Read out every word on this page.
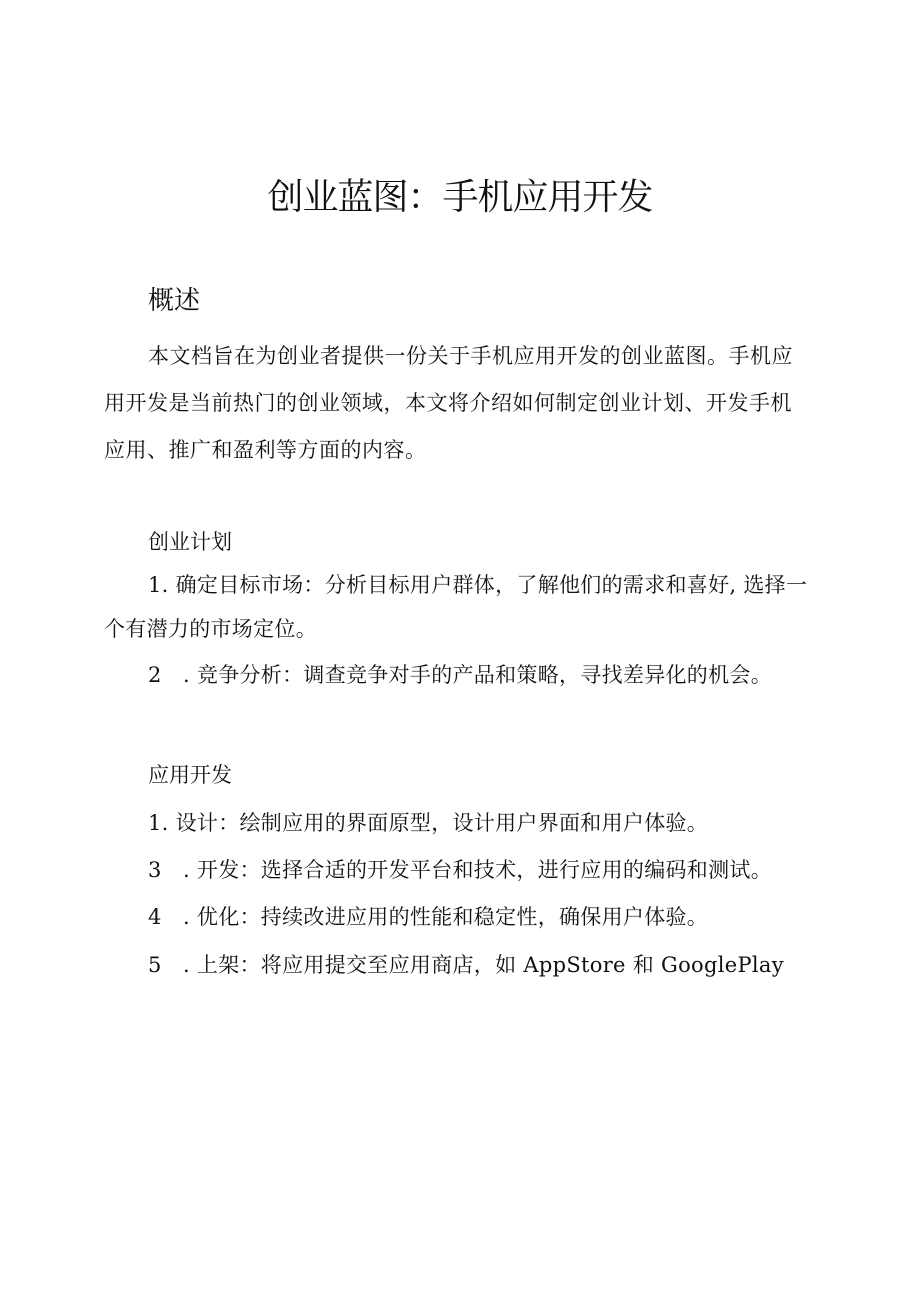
创业蓝图：手机应用开发
概述
本文档旨在为创业者提供一份关于手机应用开发的创业蓝图。手机应用开发是当前热门的创业领域，本文将介绍如何制定创业计划、开发手机应用、推广和盈利等方面的内容。
创业计划
1. 确定目标市场：分析目标用户群体，了解他们的需求和喜好, 选择一个有潜力的市场定位。
2　. 竞争分析：调查竞争对手的产品和策略，寻找差异化的机会。
应用开发
1. 设计：绘制应用的界面原型，设计用户界面和用户体验。
3　. 开发：选择合适的开发平台和技术，进行应用的编码和测试。
4　. 优化：持续改进应用的性能和稳定性，确保用户体验。
5　. 上架：将应用提交至应用商店，如 AppStore 和 GooglePlay
